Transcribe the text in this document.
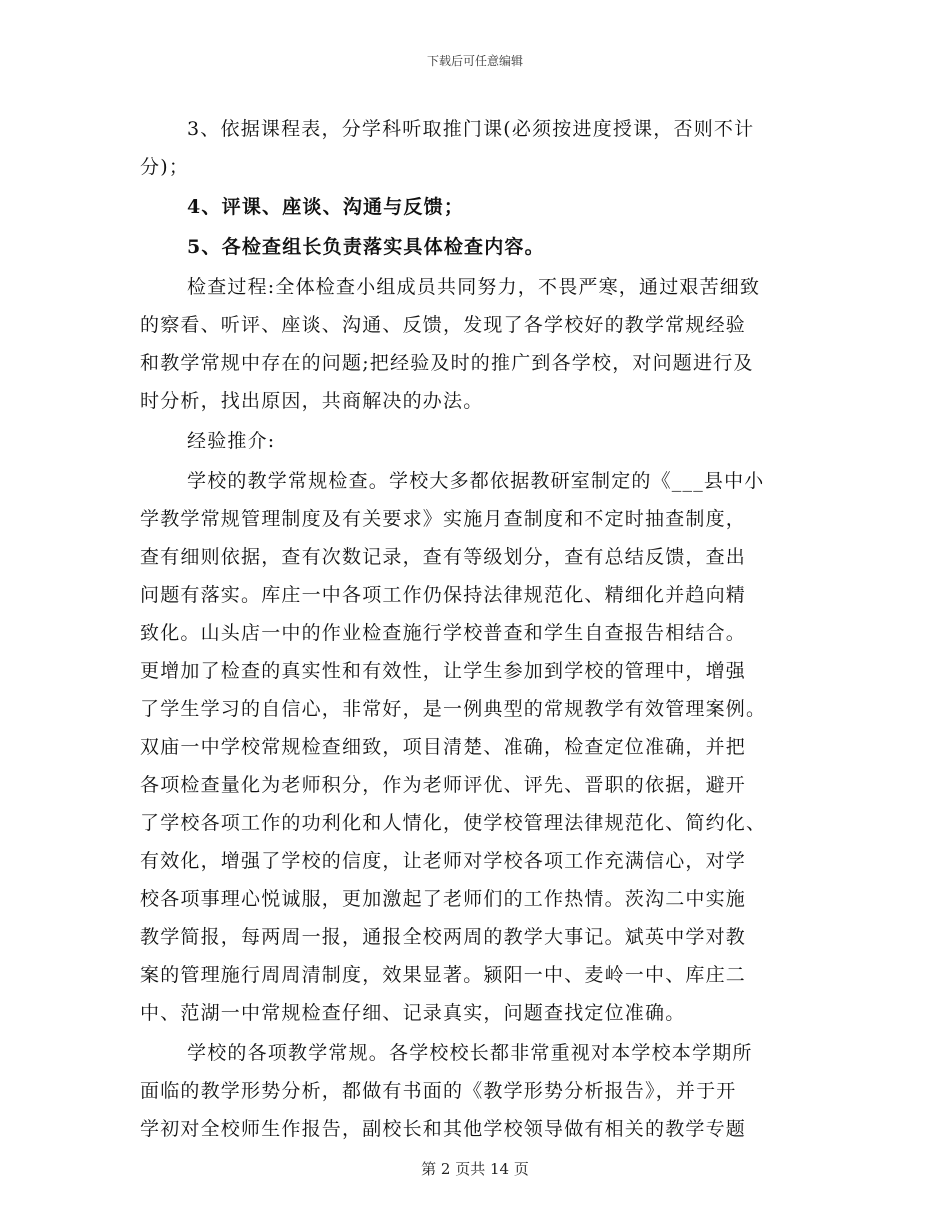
下载后可任意编辑
3、依据课程表，分学科听取推门课(必须按进度授课，否则不计
分)；
4、评课、座谈、沟通与反馈；
5、各检查组长负责落实具体检查内容。
检查过程:全体检查小组成员共同努力，不畏严寒，通过艰苦细致
的察看、听评、座谈、沟通、反馈，发现了各学校好的教学常规经验
和教学常规中存在的问题;把经验及时的推广到各学校，对问题进行及
时分析，找出原因，共商解决的办法。
经验推介:
学校的教学常规检查。学校大多都依据教研室制定的《___县中小
学教学常规管理制度及有关要求》实施月查制度和不定时抽查制度，
查有细则依据，查有次数记录，查有等级划分，查有总结反馈，查出
问题有落实。库庄一中各项工作仍保持法律规范化、精细化并趋向精
致化。山头店一中的作业检查施行学校普查和学生自查报告相结合。
更增加了检查的真实性和有效性，让学生参加到学校的管理中，增强
了学生学习的自信心，非常好，是一例典型的常规教学有效管理案例。
双庙一中学校常规检查细致，项目清楚、准确，检查定位准确，并把
各项检查量化为老师积分，作为老师评优、评先、晋职的依据，避开
了学校各项工作的功利化和人情化，使学校管理法律规范化、简约化、
有效化，增强了学校的信度，让老师对学校各项工作充满信心，对学
校各项事理心悦诚服，更加激起了老师们的工作热情。茨沟二中实施
教学简报，每两周一报，通报全校两周的教学大事记。斌英中学对教
案的管理施行周周清制度，效果显著。颍阳一中、麦岭一中、库庄二
中、范湖一中常规检查仔细、记录真实，问题查找定位准确。
学校的各项教学常规。各学校校长都非常重视对本学校本学期所
面临的教学形势分析，都做有书面的《教学形势分析报告》，并于开
学初对全校师生作报告，副校长和其他学校领导做有相关的教学专题
第 2 页共 14 页
